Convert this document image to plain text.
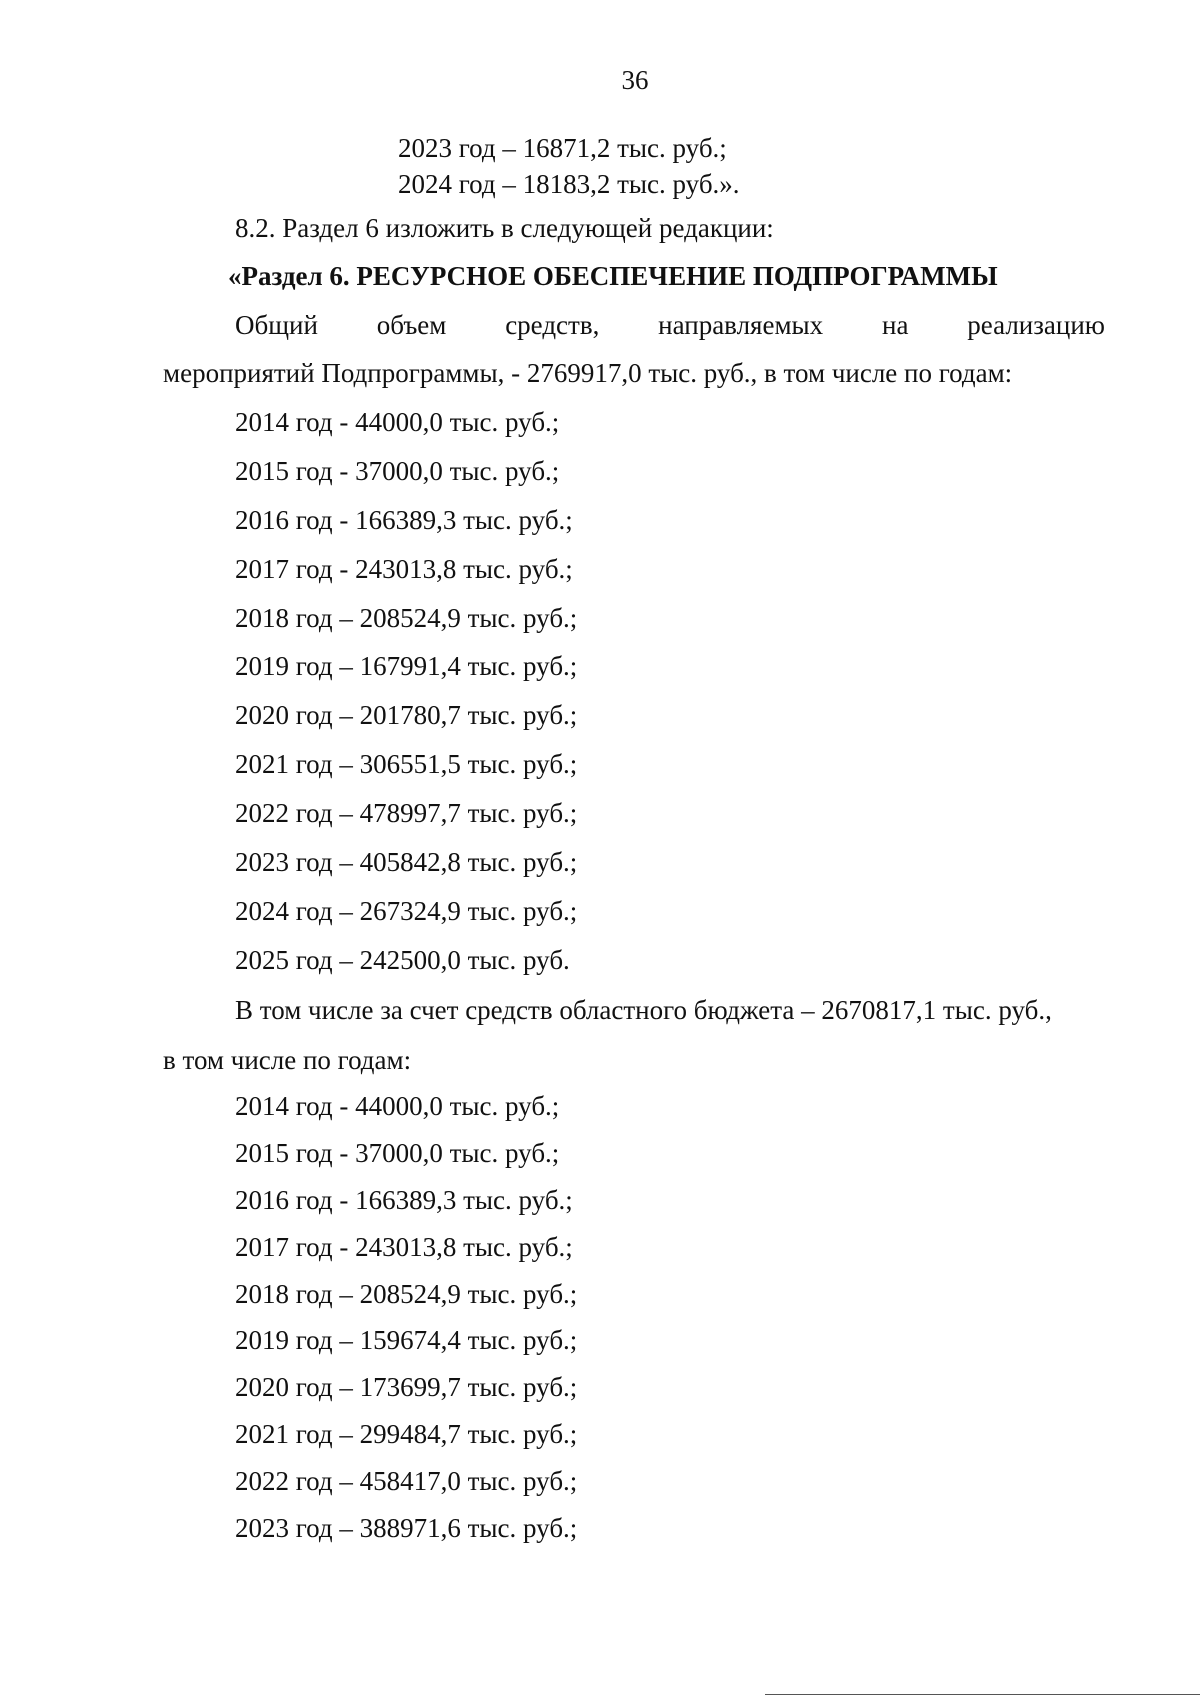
36
2023 год – 16871,2 тыс. руб.;
2024 год – 18183,2 тыс. руб.».
8.2. Раздел 6 изложить в следующей редакции:
«Раздел 6. РЕСУРСНОЕ ОБЕСПЕЧЕНИЕ ПОДПРОГРАММЫ
Общий объем средств, направляемых на реализацию
мероприятий Подпрограммы, - 2769917,0 тыс. руб., в том числе по годам:
2014 год - 44000,0 тыс. руб.;
2015 год - 37000,0 тыс. руб.;
2016 год - 166389,3 тыс. руб.;
2017 год - 243013,8 тыс. руб.;
2018 год – 208524,9 тыс. руб.;
2019 год – 167991,4 тыс. руб.;
2020 год – 201780,7 тыс. руб.;
2021 год – 306551,5 тыс. руб.;
2022 год – 478997,7 тыс. руб.;
2023 год – 405842,8 тыс. руб.;
2024 год – 267324,9 тыс. руб.;
2025 год – 242500,0 тыс. руб.
В том числе за счет средств областного бюджета – 2670817,1 тыс. руб.,
в том числе по годам:
2014 год - 44000,0 тыс. руб.;
2015 год - 37000,0 тыс. руб.;
2016 год - 166389,3 тыс. руб.;
2017 год - 243013,8 тыс. руб.;
2018 год – 208524,9 тыс. руб.;
2019 год – 159674,4 тыс. руб.;
2020 год – 173699,7 тыс. руб.;
2021 год – 299484,7 тыс. руб.;
2022 год – 458417,0 тыс. руб.;
2023 год – 388971,6 тыс. руб.;
